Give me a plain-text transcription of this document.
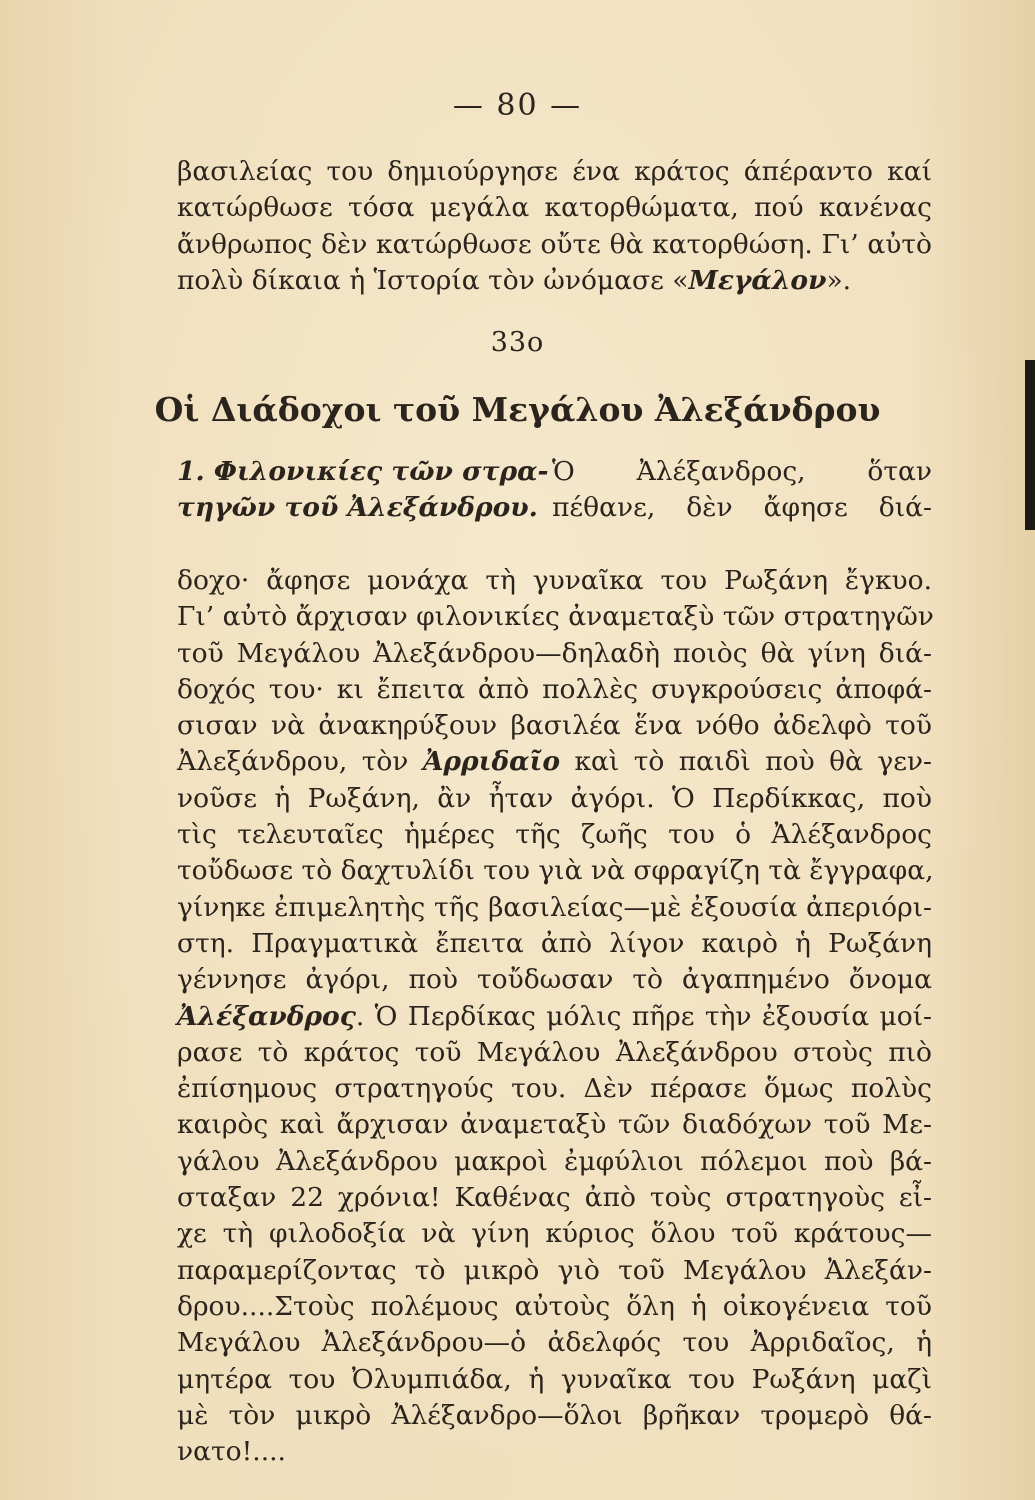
— 80 —
βασιλείας του δημιούργησε ένα κράτος άπέραντο καί
κατώρθωσε τόσα μεγάλα κατορθώματα, πού κανένας
ἄνθρωπος δὲν κατώρθωσε οὔτε θὰ κατορθώση. Γι’ αὐτὸ
πολὺ δίκαια ἡ Ἱστορία τὸν ὠνόμασε «Μεγάλον».
33ο
Οἱ Διάδοχοι τοῦ Μεγάλου Ἀλεξάνδρου
1. Φιλονικίες τῶν στρα-
τηγῶν τοῦ Ἀλεξάνδρου.
Ὁ Ἀλέξανδρος, ὅταν
πέθανε, δὲν ἄφησε διά-
δοχο· ἄφησε μονάχα τὴ γυναῖκα του Ρωξάνη ἔγκυο.
Γι’ αὐτὸ ἄρχισαν φιλονικίες ἀναμεταξὺ τῶν στρατηγῶν
τοῦ Μεγάλου Ἀλεξάνδρου—δηλαδὴ ποιὸς θὰ γίνη διά-
δοχός του· κι ἔπειτα ἀπὸ πολλὲς συγκρούσεις ἀποφά-
σισαν νὰ ἀνακηρύξουν βασιλέα ἕνα νόθο ἀδελφὸ τοῦ
Ἀλεξάνδρου, τὸν Ἀρριδαῖο καὶ τὸ παιδὶ ποὺ θὰ γεν-
νοῦσε ἡ Ρωξάνη, ἂν ἦταν ἀγόρι. Ὁ Περδίκκας, ποὺ
τὶς τελευταῖες ἡμέρες τῆς ζωῆς του ὁ Ἀλέξανδρος
τοὔδωσε τὸ δαχτυλίδι του γιὰ νὰ σφραγίζη τὰ ἔγγραφα,
γίνηκε ἐπιμελητὴς τῆς βασιλείας—μὲ ἐξουσία ἀπεριόρι-
στη. Πραγματικὰ ἔπειτα ἀπὸ λίγον καιρὸ ἡ Ρωξάνη
γέννησε ἀγόρι, ποὺ τοὔδωσαν τὸ ἀγαπημένο ὄνομα
Ἀλέξανδρος. Ὁ Περδίκας μόλις πῆρε τὴν ἐξουσία μοί-
ρασε τὸ κράτος τοῦ Μεγάλου Ἀλεξάνδρου στοὺς πιὸ
ἐπίσημους στρατηγούς του. Δὲν πέρασε ὅμως πολὺς
καιρὸς καὶ ἄρχισαν ἀναμεταξὺ τῶν διαδόχων τοῦ Με-
γάλου Ἀλεξάνδρου μακροὶ ἐμφύλιοι πόλεμοι ποὺ βά-
σταξαν 22 χρόνια! Καθένας ἀπὸ τοὺς στρατηγοὺς εἶ-
χε τὴ φιλοδοξία νὰ γίνη κύριος ὅλου τοῦ κράτους—
παραμερίζοντας τὸ μικρὸ γιὸ τοῦ Μεγάλου Ἀλεξάν-
δρου....Στοὺς πολέμους αὐτοὺς ὅλη ἡ οἰκογένεια τοῦ
Μεγάλου Ἀλεξάνδρου—ὁ ἀδελφός του Ἀρριδαῖος, ἡ
μητέρα του Ὀλυμπιάδα, ἡ γυναῖκα του Ρωξάνη μαζὶ
μὲ τὸν μικρὸ Ἀλέξανδρο—ὅλοι βρῆκαν τρομερὸ θά-
νατο!....
